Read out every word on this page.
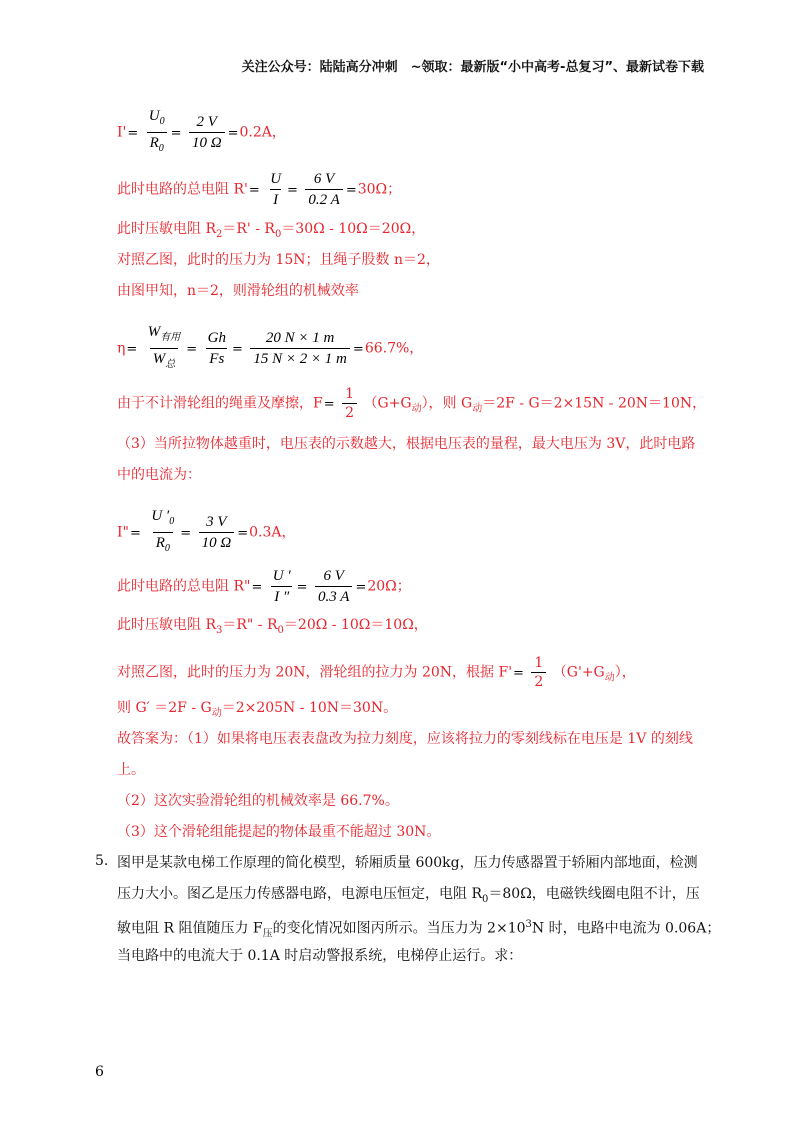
关注公众号：陆陆高分冲刺　~领取：最新版“小中高考-总复习”、最新试卷下载
$I'= \frac{U_0}{R_0} = \frac{2 V}{10 \Omega} =0.2A$，
此时电路的总电阻 $R'= \frac{U}{I} = \frac{6 V}{0.2 A} =30\Omega$；
此时压敏电阻 $R_2=R'$ ‑ $R_0=30\Omega$ ‑ 10Ω＝20Ω，
对照乙图，此时的压力为 15N；且绳子股数 n＝2，
由图甲知，n＝2，则滑轮组的机械效率
$\eta= \frac{W_{有用}}{W_总} = \frac{Gh}{Fs} = \frac{20 N \times 1 m}{15 N \times 2 \times 1 m} =66.7\%$，
由于不计滑轮组的绳重及摩擦，$F= \frac{1}{2} (G+G_动)$，则 $G_动=2F$ ‑ G＝2×15N ‑ 20N＝10N，
（3）当所拉物体越重时，电压表的示数越大，根据电压表的量程，最大电压为 3V，此时电路
中的电流为：
I"= $\frac{U '_0}{R_0} = \frac{3 V}{10 \Omega} =0.3A$，
此时电路的总电阻 R"= $\frac{U '}{I ''} = \frac{6 V}{0.3 A} =20\Omega$；
此时压敏电阻 $R_3=R$" ‑ $R_0=20\Omega$ ‑ 10Ω＝10Ω，
对照乙图，此时的压力为 20N，滑轮组的拉力为 20N，根据 $F'= \frac{1}{2} (G'+G_动)$，
则 G′ ＝2F ‑ $G_动=2\times 205N$ ‑ 10N＝30N。
故答案为：（1）如果将电压表表盘改为拉力刻度，应该将拉力的零刻线标在电压是 1V 的刻线
上。
（2）这次实验滑轮组的机械效率是 66.7%。
（3）这个滑轮组能提起的物体最重不能超过 30N。
5. 图甲是某款电梯工作原理的简化模型，轿厢质量 600kg，压力传感器置于轿厢内部地面，检测
压力大小。图乙是压力传感器电路，电源电压恒定，电阻 $R_0=80\Omega$，电磁铁线圈电阻不计，压
敏电阻 R 阻值随压力 $F_压$的变化情况如图丙所示。当压力为 $2\times 10^3N$ 时，电路中电流为 0.06A；
当电路中的电流大于 0.1A 时启动警报系统，电梯停止运行。求：
6
